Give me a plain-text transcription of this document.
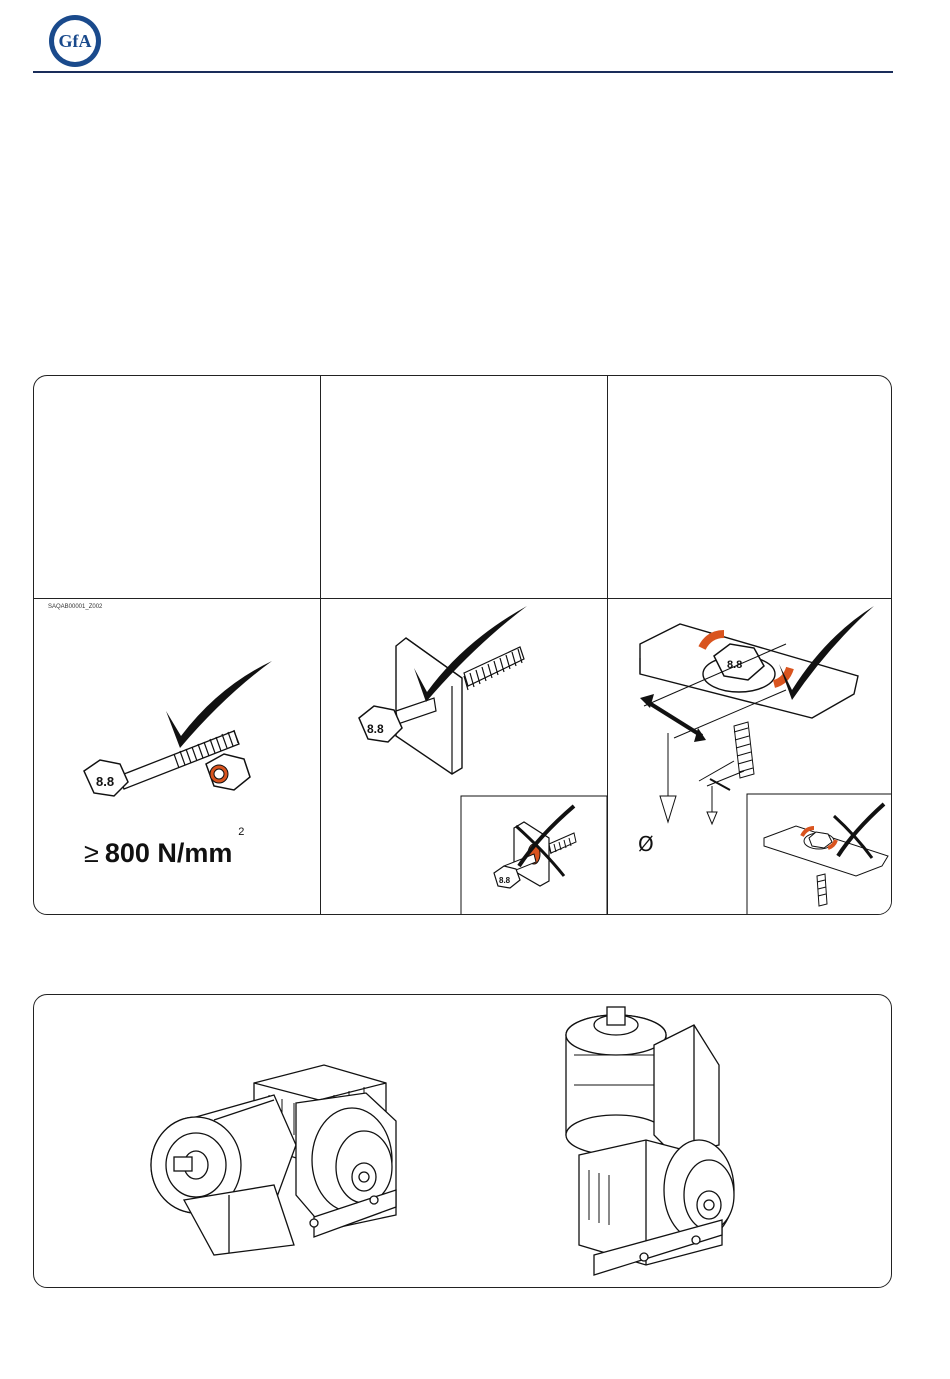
GfA
SAQAB00001_Z002
8.8
8.8
8.8
8.8
≥ 800 N/mm
2	Ø
